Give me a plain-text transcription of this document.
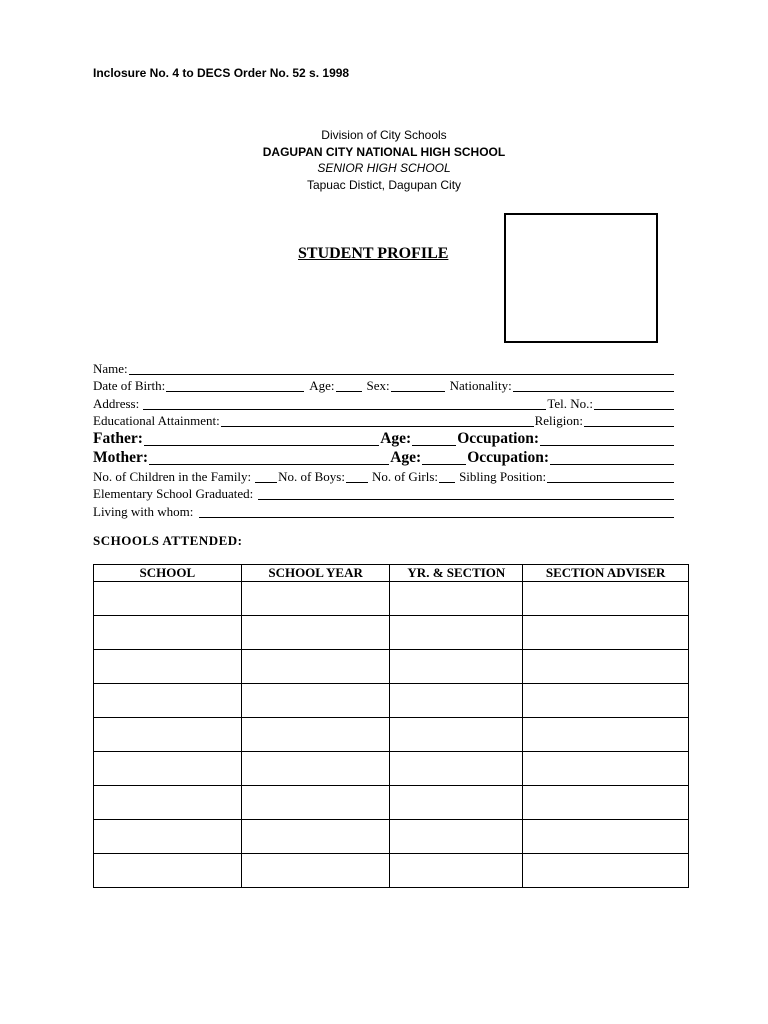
Inclosure No. 4 to DECS Order No. 52 s. 1998
Division of City Schools
DAGUPAN CITY NATIONAL HIGH SCHOOL
SENIOR HIGH SCHOOL
Tapuac Distict, Dagupan City
STUDENT PROFILE
Name:
Date of Birth:	Age: Sex:	Nationality:
Address:	Tel. No.:
Educational Attainment:	Religion:
Father:	Age:	Occupation:
Mother:	Age:	Occupation:
No. of Children in the Family: No. of Boys: No. of Girls: Sibling Position:
Elementary School Graduated:
Living with whom:
SCHOOLS ATTENDED:
SCHOOL	SCHOOL YEAR	YR. & SECTION	SECTION ADVISER
